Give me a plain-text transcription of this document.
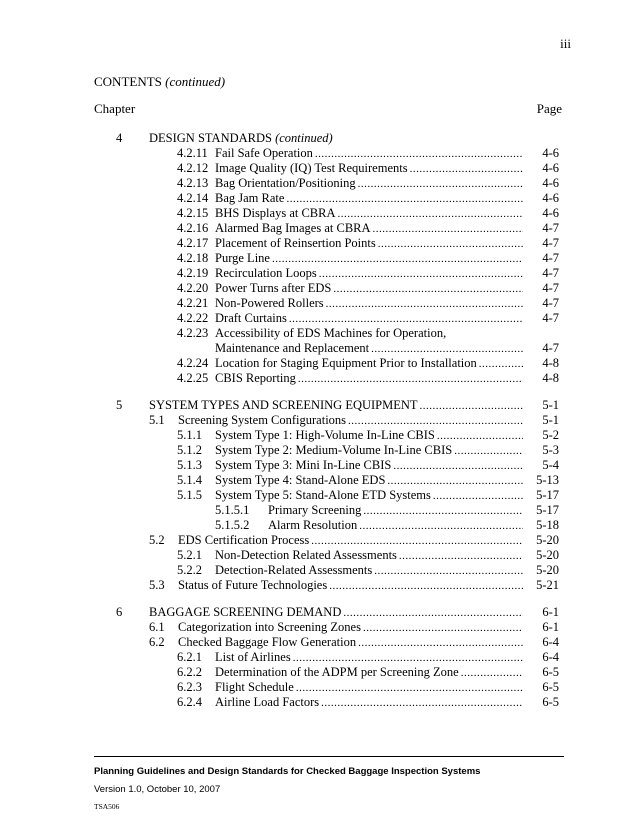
iii
CONTENTS (continued)
Chapter	Page
4 DESIGN STANDARDS (continued)
4.2.11 Fail Safe Operation .....	4-6
4.2.12 Image Quality (IQ) Test Requirements .....	4-6
4.2.13 Bag Orientation/Positioning .....	4-6
4.2.14 Bag Jam Rate .....	4-6
4.2.15 BHS Displays at CBRA .....	4-6
4.2.16 Alarmed Bag Images at CBRA .....	4-7
4.2.17 Placement of Reinsertion Points .....	4-7
4.2.18 Purge Line .....	4-7
4.2.19 Recirculation Loops .....	4-7
4.2.20 Power Turns after EDS .....	4-7
4.2.21 Non-Powered Rollers .....	4-7
4.2.22 Draft Curtains .....	4-7
4.2.23 Accessibility of EDS Machines for Operation,
Maintenance and Replacement .....	4-7
4.2.24 Location for Staging Equipment Prior to Installation .....	4-8
4.2.25 CBIS Reporting .....	4-8
5 SYSTEM TYPES AND SCREENING EQUIPMENT .....	5-1
5.1	Screening System Configurations .....	5-1
5.1.1	System Type 1: High-Volume In-Line CBIS .....	5-2
5.1.2	System Type 2: Medium-Volume In-Line CBIS .....	5-3
5.1.3	System Type 3: Mini In-Line CBIS .....	5-4
5.1.4	System Type 4: Stand-Alone EDS .....	5-13
5.1.5	System Type 5: Stand-Alone ETD Systems .....	5-17
5.1.5.1	Primary Screening .....	5-17
5.1.5.2	Alarm Resolution .....	5-18
5.2	EDS Certification Process .....	5-20
5.2.1	Non-Detection Related Assessments .....	5-20
5.2.2	Detection-Related Assessments .....	5-20
5.3	Status of Future Technologies .....	5-21
6 BAGGAGE SCREENING DEMAND .....	6-1
6.1	Categorization into Screening Zones .....	6-1
6.2	Checked Baggage Flow Generation .....	6-4
6.2.1	List of Airlines .....	6-4
6.2.2	Determination of the ADPM per Screening Zone .....	6-5
6.2.3	Flight Schedule .....	6-5
6.2.4	Airline Load Factors .....	6-5
Planning Guidelines and Design Standards for Checked Baggage Inspection Systems
Version 1.0, October 10, 2007
TSA506
